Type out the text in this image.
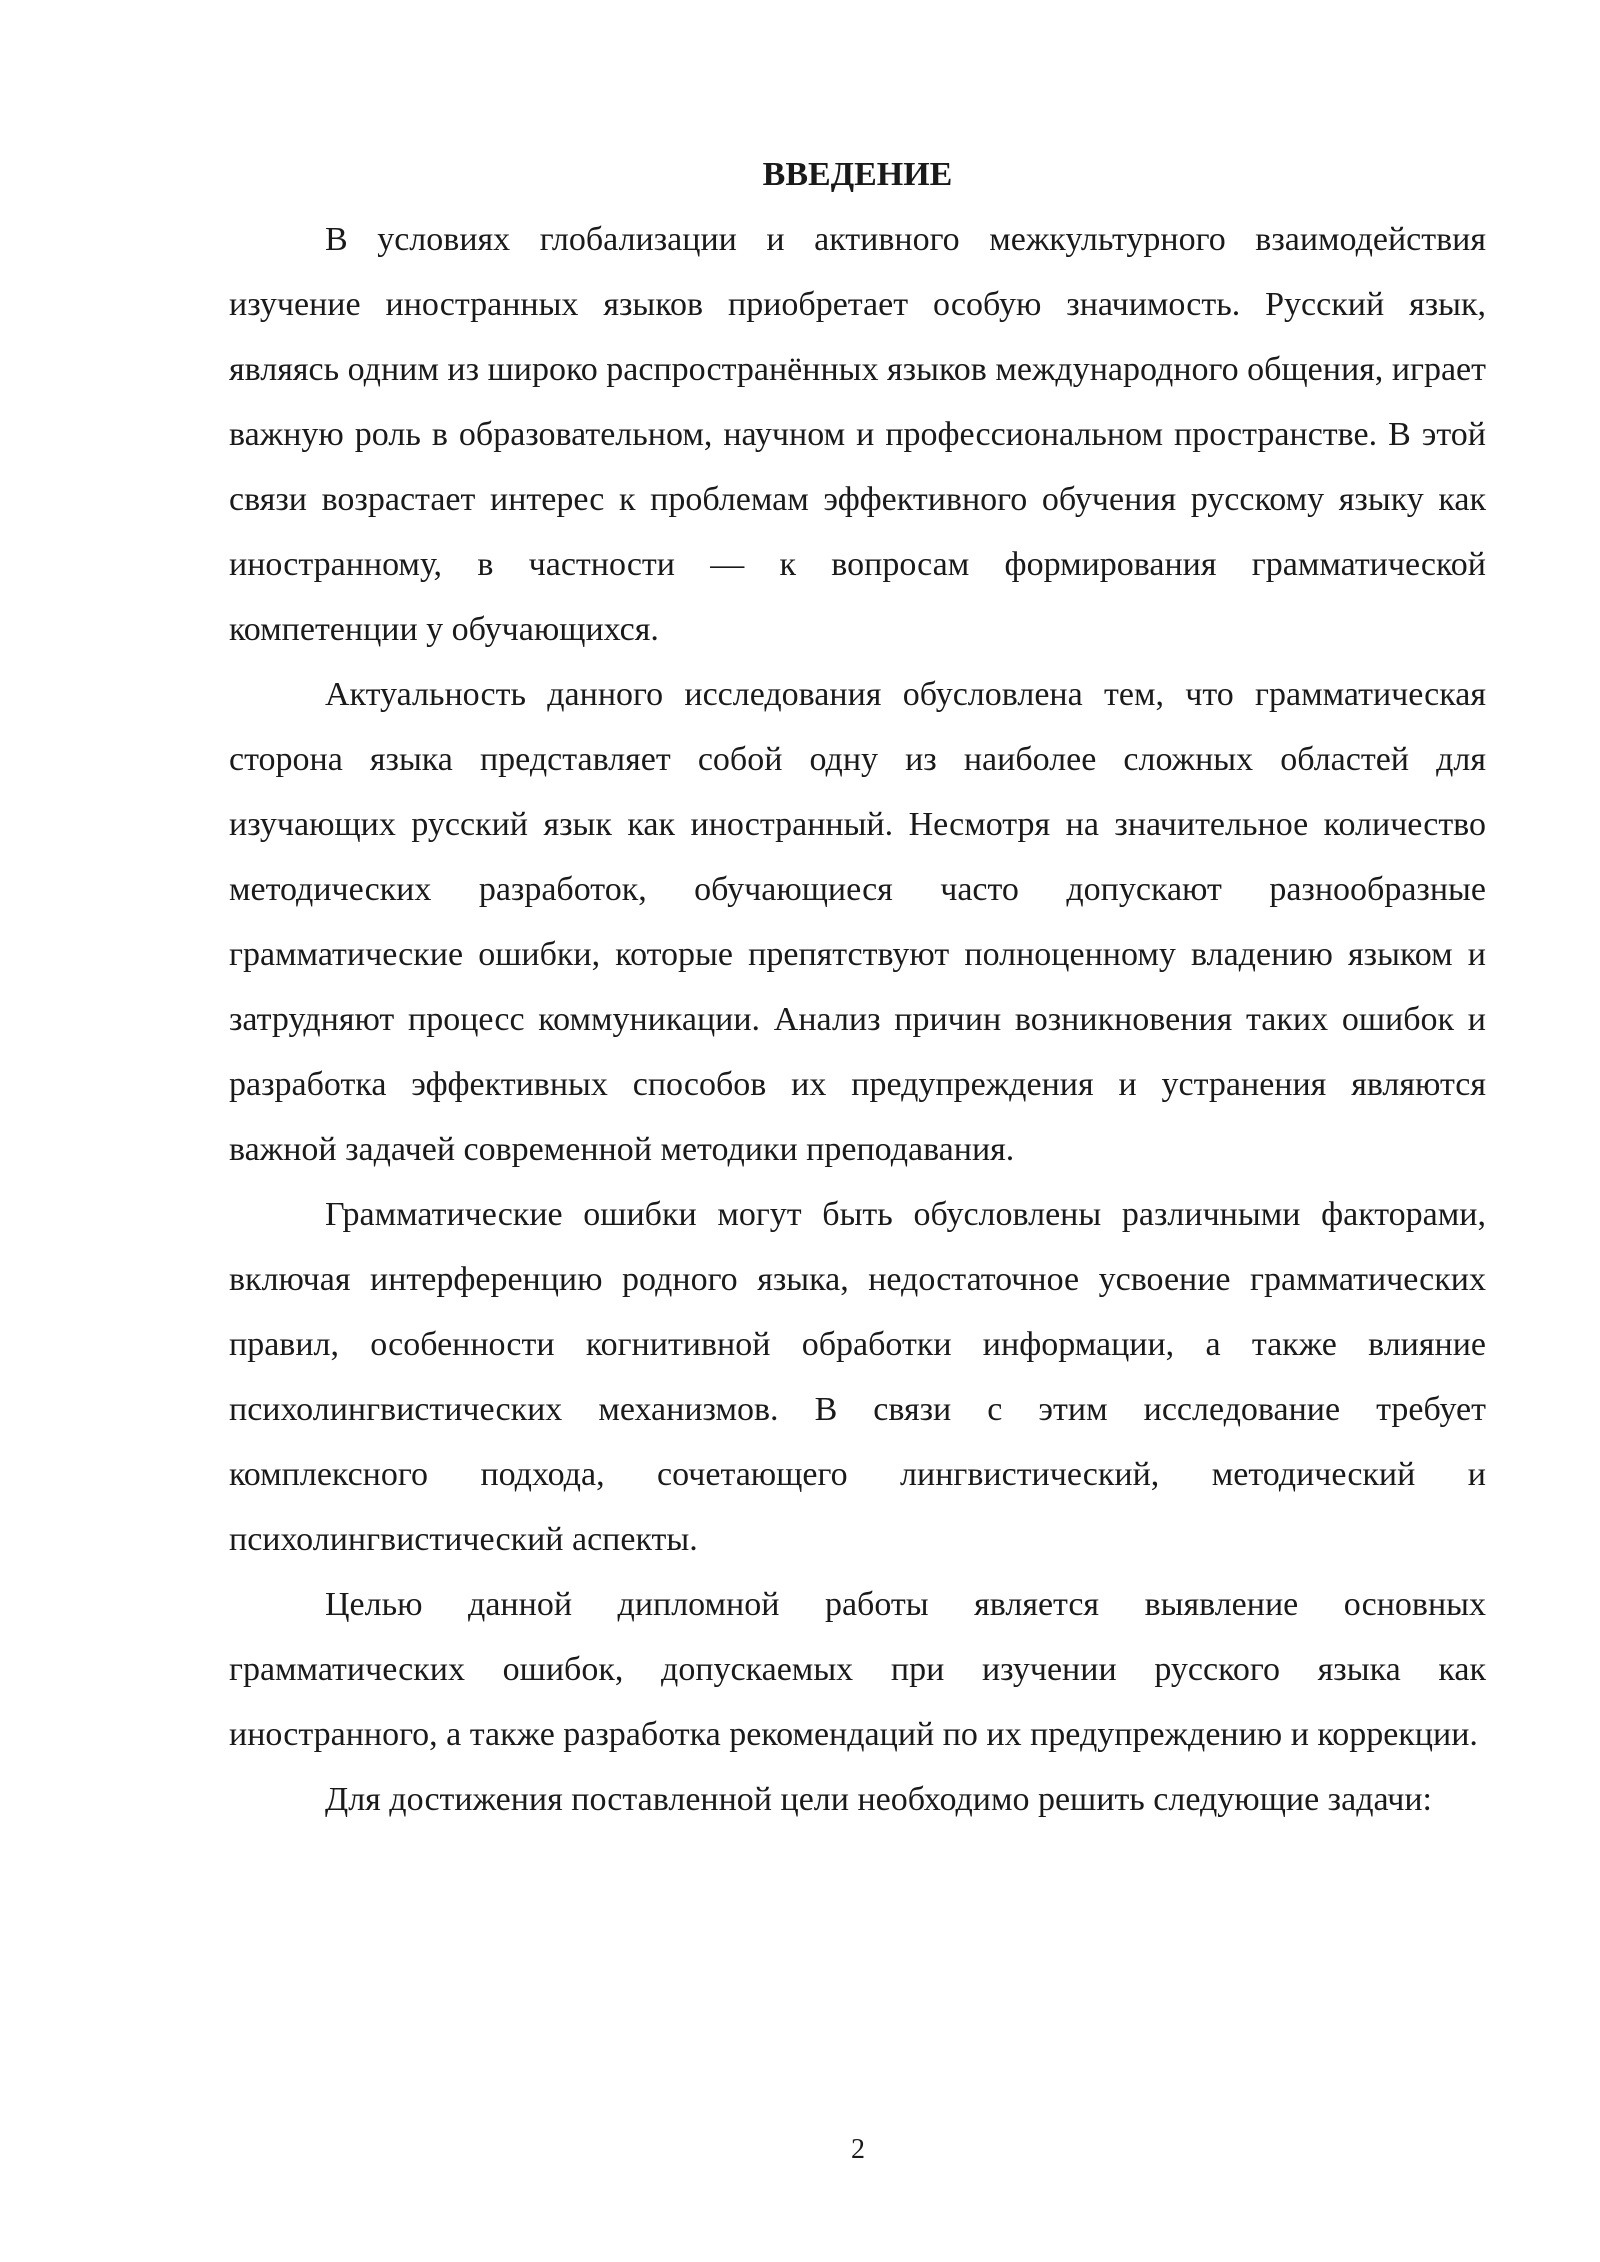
ВВЕДЕНИЕ

В условиях глобализации и активного межкультурного взаимодействия изучение иностранных языков приобретает особую значимость. Русский язык, являясь одним из широко распространённых языков международного общения, играет важную роль в образовательном, научном и профессиональном пространстве. В этой связи возрастает интерес к проблемам эффективного обучения русскому языку как иностранному, в частности — к вопросам формирования грамматической компетенции у обучающихся.

Актуальность данного исследования обусловлена тем, что грамматическая сторона языка представляет собой одну из наиболее сложных областей для изучающих русский язык как иностранный. Несмотря на значительное количество методических разработок, обучающиеся часто допускают разнообразные грамматические ошибки, которые препятствуют полноценному владению языком и затрудняют процесс коммуникации. Анализ причин возникновения таких ошибок и разработка эффективных способов их предупреждения и устранения являются важной задачей современной методики преподавания.

Грамматические ошибки могут быть обусловлены различными факторами, включая интерференцию родного языка, недостаточное усвоение грамматических правил, особенности когнитивной обработки информации, а также влияние психолингвистических механизмов. В связи с этим исследование требует комплексного подхода, сочетающего лингвистический, методический и психолингвистический аспекты.

Целью данной дипломной работы является выявление основных грамматических ошибок, допускаемых при изучении русского языка как иностранного, а также разработка рекомендаций по их предупреждению и коррекции.

Для достижения поставленной цели необходимо решить следующие задачи:

2
